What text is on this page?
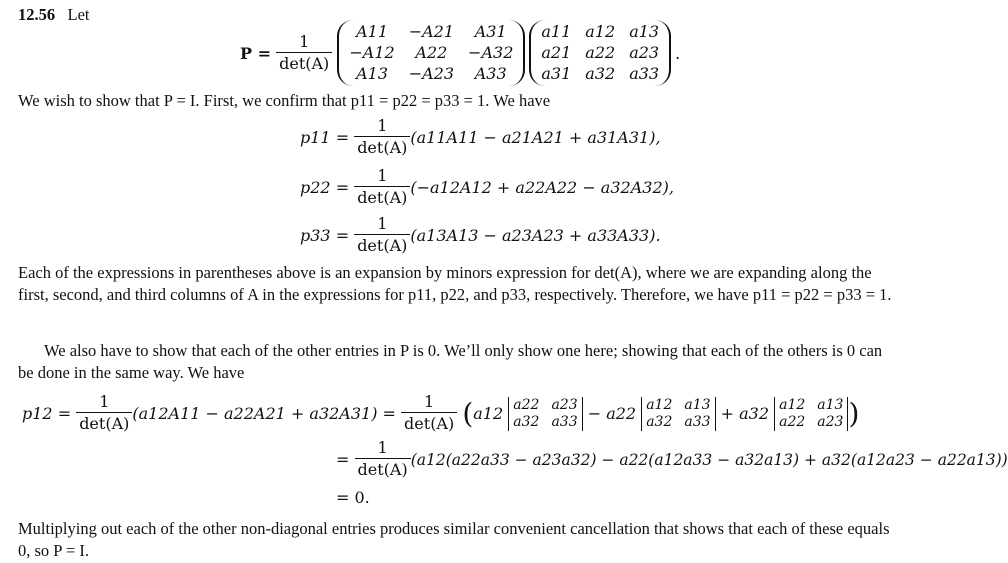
12.56 Let
P =
$\frac{1}{\det(A)}$
	A11	−A21	A31
−A12	A22	−A32
A13	−A23	A33
a11 a12 a13
a21 a22 a23
a31 a32 a33
.
We wish to show that P = I. First, we confirm that p11 = p22 = p33 = 1. We have
p11 =
$\frac{1}{\det(A)} (a11A11 - a21A21 + a31A31)$,
p22 =
$\frac{1}{\det(A)} (-a12A12 + a22A22 - a32A32)$,
p33 =
$\frac{1}{\det(A)} (a13A13 - a23A23 + a33A33)$.
Each of the expressions in parentheses above is an expansion by minors expression for det(A), where we are expanding along the first, second, and third columns of A in the expressions for p11, p22, and p33, respectively. Therefore, we have p11 = p22 = p33 = 1.
We also have to show that each of the other entries in P is 0. We’ll only show one here; showing that each of the others is 0 can be done in the same way. We have
p12 =
$\frac{1}{\det(A)} (a12A11 - a22A21 + a32A31)$ =
$\frac{1}{\det(A)}$
( a12
a22 a23
a32 a33
− a22
a12 a13
a32 a33
+ a32
a12 a13
a22 a23 )
=
$\frac{1}{\det(A)} (a12(a22a33 - a23a32) - a22(a12a33 - a32a13) + a32(a12a23 - a22a13))$
= 0.
Multiplying out each of the other non-diagonal entries produces similar convenient cancellation that shows that each of these equals 0, so P = I.
